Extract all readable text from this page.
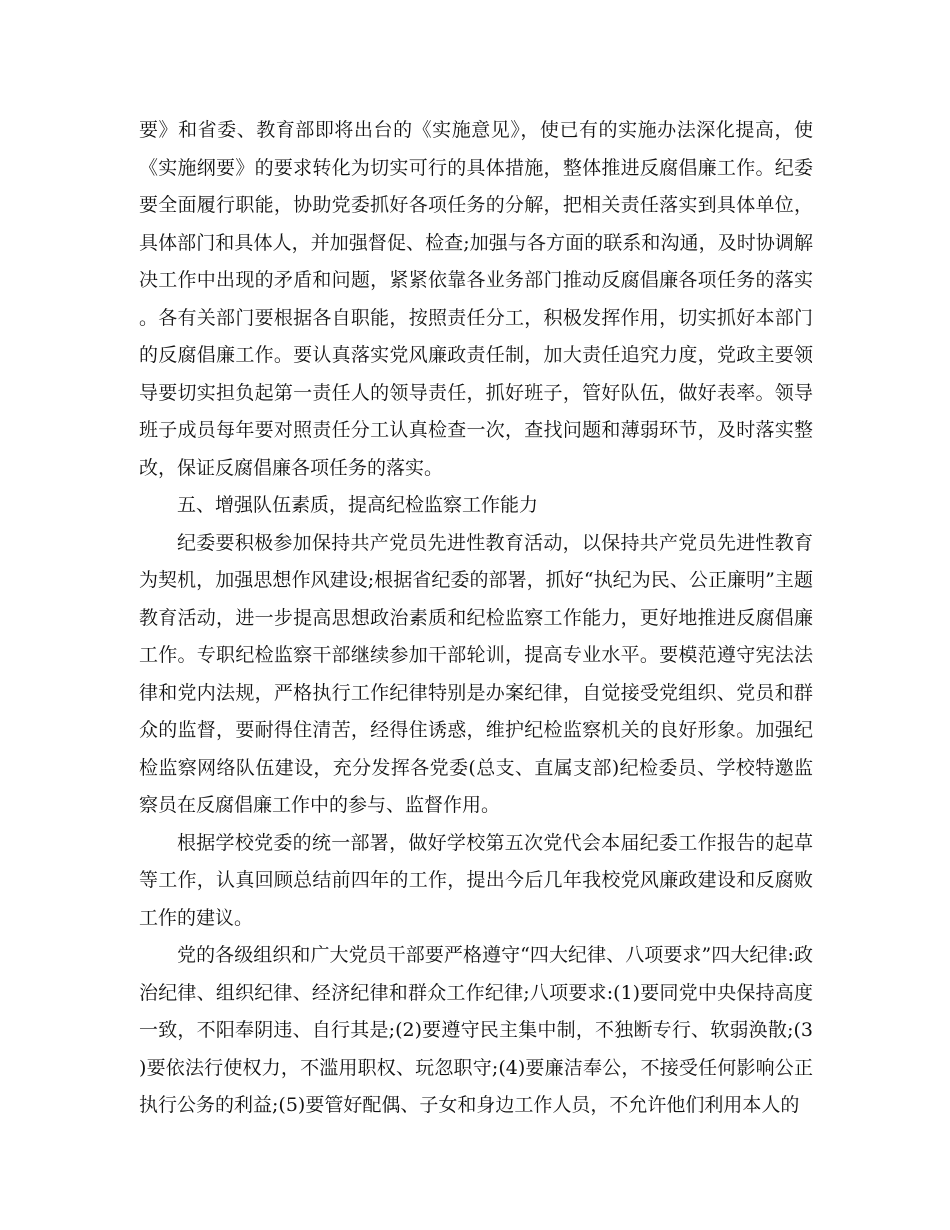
要》和省委、教育部即将出台的《实施意见》，使已有的实施办法深化提高，使《实施纲要》的要求转化为切实可行的具体措施，整体推进反腐倡廉工作。纪委要全面履行职能，协助党委抓好各项任务的分解，把相关责任落实到具体单位，具体部门和具体人，并加强督促、检查;加强与各方面的联系和沟通，及时协调解决工作中出现的矛盾和问题，紧紧依靠各业务部门推动反腐倡廉各项任务的落实。各有关部门要根据各自职能，按照责任分工，积极发挥作用，切实抓好本部门的反腐倡廉工作。要认真落实党风廉政责任制，加大责任追究力度，党政主要领导要切实担负起第一责任人的领导责任，抓好班子，管好队伍，做好表率。领导班子成员每年要对照责任分工认真检查一次，查找问题和薄弱环节，及时落实整改，保证反腐倡廉各项任务的落实。

五、增强队伍素质，提高纪检监察工作能力

纪委要积极参加保持共产党员先进性教育活动，以保持共产党员先进性教育为契机，加强思想作风建设;根据省纪委的部署，抓好“执纪为民、公正廉明”主题教育活动，进一步提高思想政治素质和纪检监察工作能力，更好地推进反腐倡廉工作。专职纪检监察干部继续参加干部轮训，提高专业水平。要模范遵守宪法法律和党内法规，严格执行工作纪律特别是办案纪律，自觉接受党组织、党员和群众的监督，要耐得住清苦，经得住诱惑，维护纪检监察机关的良好形象。加强纪检监察网络队伍建设，充分发挥各党委(总支、直属支部)纪检委员、学校特邀监察员在反腐倡廉工作中的参与、监督作用。

根据学校党委的统一部署，做好学校第五次党代会本届纪委工作报告的起草等工作，认真回顾总结前四年的工作，提出今后几年我校党风廉政建设和反腐败工作的建议。

党的各级组织和广大党员干部要严格遵守“四大纪律、八项要求”四大纪律:政治纪律、组织纪律、经济纪律和群众工作纪律;八项要求:(1)要同党中央保持高度一致，不阳奉阴违、自行其是;(2)要遵守民主集中制，不独断专行、软弱涣散;(3)要依法行使权力，不滥用职权、玩忽职守;(4)要廉洁奉公，不接受任何影响公正执行公务的利益;(5)要管好配偶、子女和身边工作人员，不允许他们利用本人的
